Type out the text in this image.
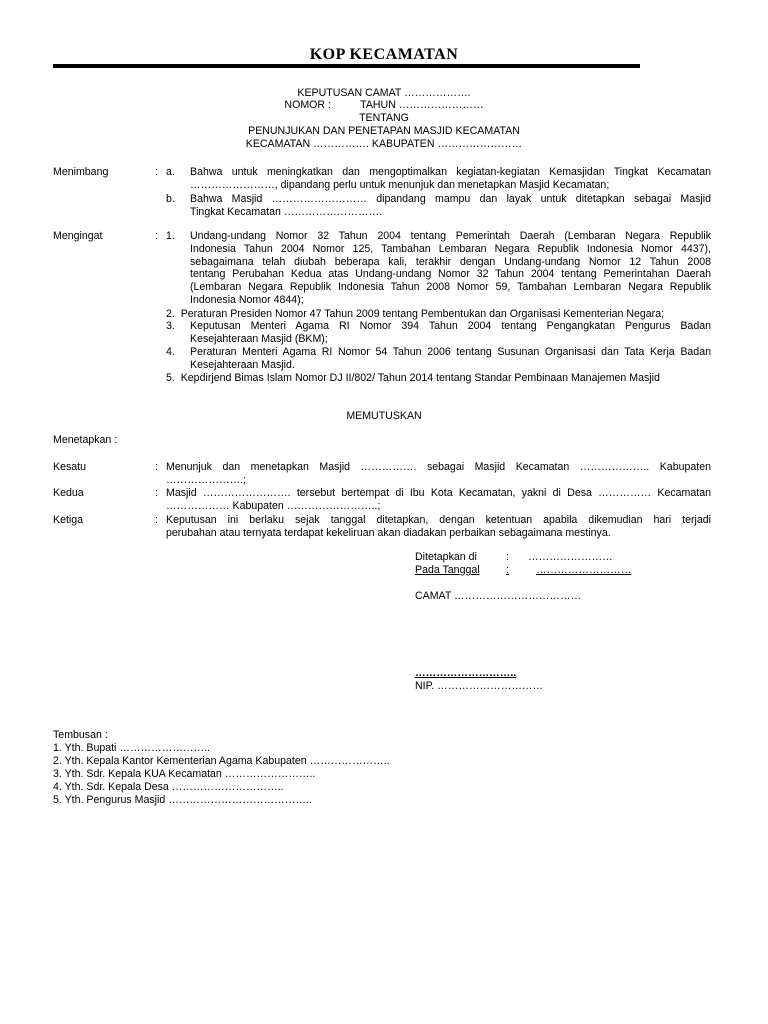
KOP KECAMATAN
KEPUTUSAN CAMAT ……………….
NOMOR :          TAHUN ……………………
TENTANG
PENUNJUKAN DAN PENETAPAN MASJID KECAMATAN
KECAMATAN ……………. KABUPATEN ……………………
Menimbang	: a. Bahwa untuk meningkatkan dan mengoptimalkan kegiatan-kegiatan Kemasjidan Tingkat Kecamatan
……………………, dipandang perlu untuk menunjuk dan menetapkan Masjid Kecamatan;
b. Bahwa Masjid ……………………… dipandang mampu dan layak untuk ditetapkan sebagai Masjid
Tingkat Kecamatan ……………………….
Mengingat	: 1. Undang-undang Nomor 32 Tahun 2004 tentang Pemerintah Daerah (Lembaran Negara Republik
Indonesia Tahun 2004 Nomor 125, Tambahan Lembaran Negara Republik Indonesia Nomor 4437),
sebagaimana telah diubah beberapa kali, terakhir dengan Undang-undang Nomor 12 Tahun 2008
tentang Perubahan Kedua atas Undang-undang Nomor 32 Tahun 2004 tentang Pemerintahan Daerah
(Lembaran Negara Republik Indonesia Tahun 2008 Nomor 59, Tambahan Lembaran Negara Republik
Indonesia Nomor 4844);
2.  Peraturan Presiden Nomor 47 Tahun 2009 tentang Pembentukan dan Organisasi Kementerian Negara;
3. Keputusan Menteri Agama RI Nomor 394 Tahun 2004 tentang Pengangkatan Pengurus Badan
Kesejahteraan Masjid (BKM);
4. Peraturan Menteri Agama RI Nomor 54 Tahun 2006 tentang Susunan Organisasi dan Tata Kerja Badan
Kesejahteraan Masjid.
5.  Kepdirjend Bimas Islam Nomor DJ II/802/ Tahun 2014 tentang Standar Pembinaan Manajemen Masjid
MEMUTUSKAN
Menetapkan :
Kesatu	: Menunjuk dan menetapkan Masjid ……………. sebagai Masjid Kecamatan ……………….. Kabupaten
………………….;
Kedua	: Masjid ……………………. tersebut bertempat di Ibu Kota Kecamatan, yakni di Desa …………… Kecamatan
……………… Kabupaten ……………………..;
Ketiga	: Keputusan ini berlaku sejak tanggal ditetapkan, dengan ketentuan apabila dikemudian hari terjadi
perubahan atau ternyata terdapat kekeliruan akan diadakan perbaikan sebagaimana mestinya.
Ditetapkan di	: ……………………
Pada Tanggal	:	………………………
CAMAT ………………………………
………………………..
NIP. …………………………
Tembusan :
1. Yth. Bupati ……………………..
2. Yth. Kepala Kantor Kementerian Agama Kabupaten …………………..
3. Yth. Sdr. Kepala KUA Kecamatan ……………………..
4. Yth. Sdr. Kepala Desa …………………………..
5. Yth. Pengurus Masjid …………………………………..
